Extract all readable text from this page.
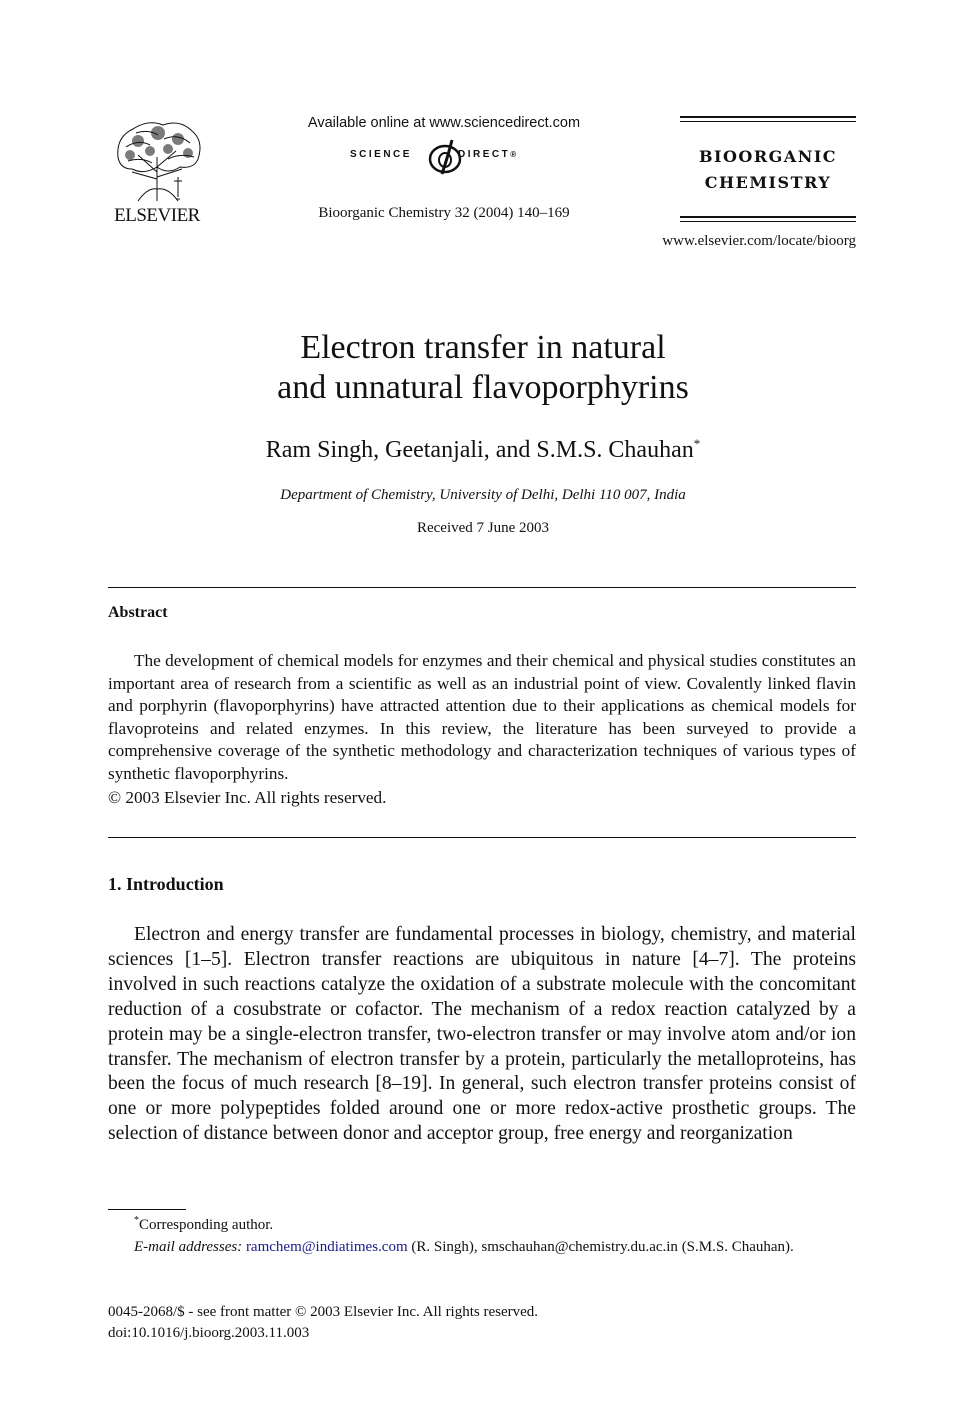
ELSEVIER
Available online at www.sciencedirect.com
SCIENCE	DIRECT®
Bioorganic Chemistry 32 (2004) 140–169
BIOORGANIC
CHEMISTRY
www.elsevier.com/locate/bioorg
Electron transfer in natural
and unnatural flavoporphyrins
Ram Singh, Geetanjali, and S.M.S. Chauhan*
Department of Chemistry, University of Delhi, Delhi 110 007, India
Received 7 June 2003
Abstract
The development of chemical models for enzymes and their chemical and physical studies constitutes an important area of research from a scientific as well as an industrial point of view. Covalently linked flavin and porphyrin (flavoporphyrins) have attracted attention due to their applications as chemical models for flavoproteins and related enzymes. In this review, the literature has been surveyed to provide a comprehensive coverage of the synthetic methodology and characterization techniques of various types of synthetic flavoporphyrins.
© 2003 Elsevier Inc. All rights reserved.
1. Introduction
Electron and energy transfer are fundamental processes in biology, chemistry, and material sciences [1–5]. Electron transfer reactions are ubiquitous in nature [4–7]. The proteins involved in such reactions catalyze the oxidation of a substrate molecule with the concomitant reduction of a cosubstrate or cofactor. The mechanism of a redox reaction catalyzed by a protein may be a single-electron transfer, two-electron transfer or may involve atom and/or ion transfer. The mechanism of electron transfer by a protein, particularly the metalloproteins, has been the focus of much research [8–19]. In general, such electron transfer proteins consist of one or more polypeptides folded around one or more redox-active prosthetic groups. The selection of distance between donor and acceptor group, free energy and reorganization
*Corresponding author.
E-mail addresses: ramchem@indiatimes.com (R. Singh), smschauhan@chemistry.du.ac.in (S.M.S. Chauhan).
0045-2068/$ - see front matter © 2003 Elsevier Inc. All rights reserved.
doi:10.1016/j.bioorg.2003.11.003
